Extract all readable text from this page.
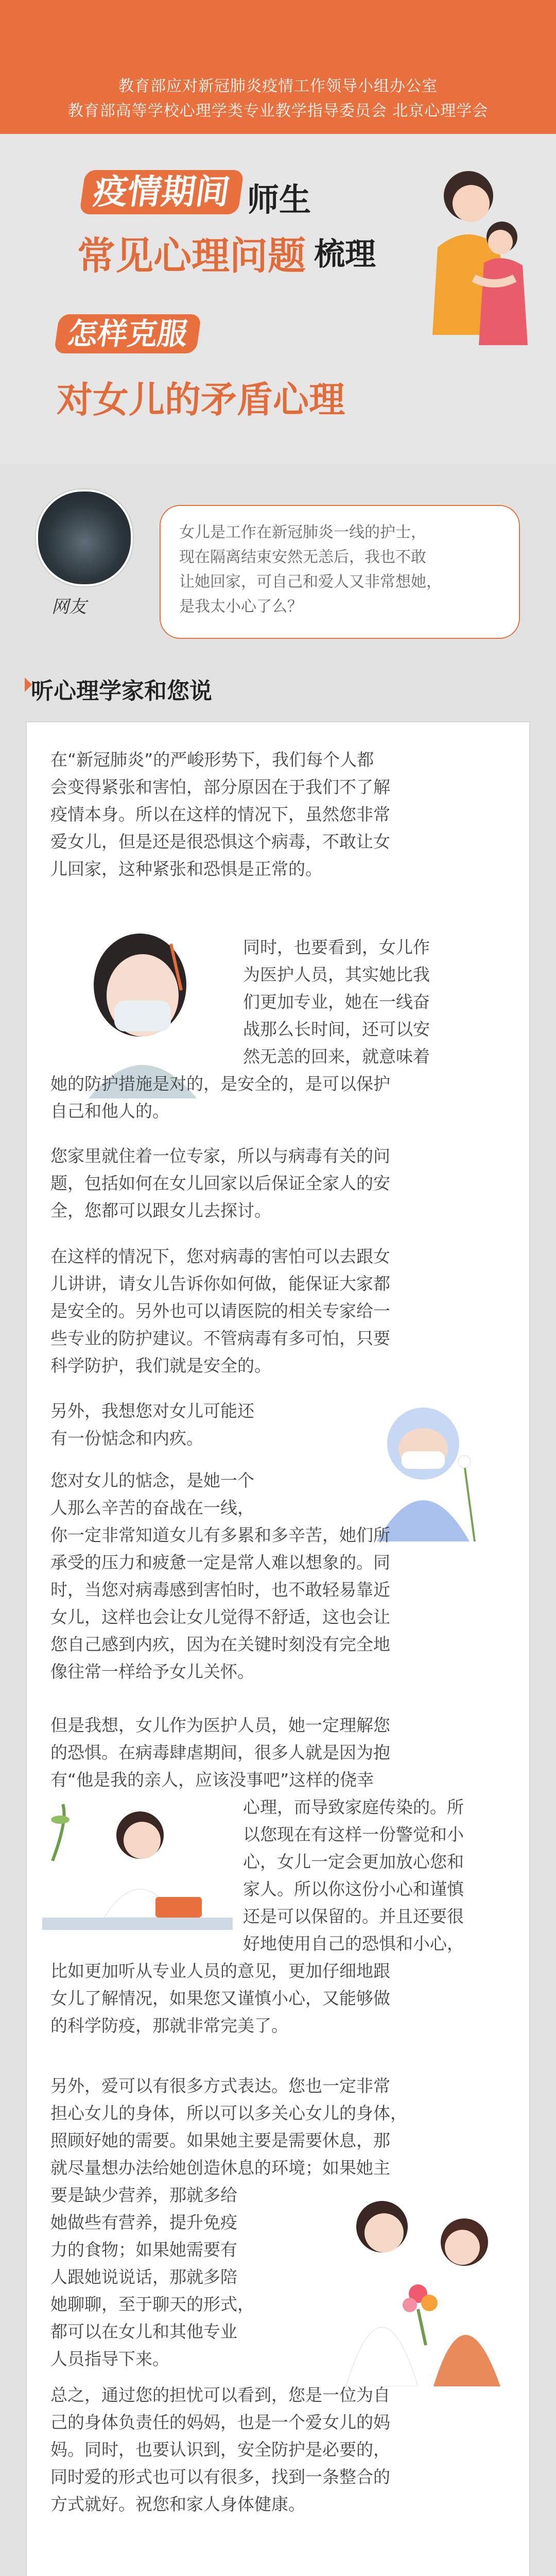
教育部应对新冠肺炎疫情工作领导小组办公室
教育部高等学校心理学类专业教学指导委员会 北京心理学会
疫情期间 师生
常见心理问题 梳理
怎样克服
对女儿的矛盾心理
网友
女儿是工作在新冠肺炎一线的护士，
现在隔离结束安然无恙后，我也不敢
让她回家，可自己和爱人又非常想她，
是我太小心了么？
听心理学家和您说
在“新冠肺炎”的严峻形势下，我们每个人都
会变得紧张和害怕，部分原因在于我们不了解
疫情本身。所以在这样的情况下，虽然您非常
爱女儿，但是还是很恐惧这个病毒，不敢让女
儿回家，这种紧张和恐惧是正常的。
同时，也要看到，女儿作
为医护人员，其实她比我
们更加专业，她在一线奋
战那么长时间，还可以安
然无恙的回来，就意味着
她的防护措施是对的，是安全的，是可以保护
自己和他人的。
您家里就住着一位专家，所以与病毒有关的问
题，包括如何在女儿回家以后保证全家人的安
全，您都可以跟女儿去探讨。
在这样的情况下，您对病毒的害怕可以去跟女
儿讲讲，请女儿告诉你如何做，能保证大家都
是安全的。另外也可以请医院的相关专家给一
些专业的防护建议。不管病毒有多可怕，只要
科学防护，我们就是安全的。
另外，我想您对女儿可能还
有一份惦念和内疚。
您对女儿的惦念，是她一个
人那么辛苦的奋战在一线，
你一定非常知道女儿有多累和多辛苦，她们所
承受的压力和疲惫一定是常人难以想象的。同
时，当您对病毒感到害怕时，也不敢轻易靠近
女儿，这样也会让女儿觉得不舒适，这也会让
您自己感到内疚，因为在关键时刻没有完全地
像往常一样给予女儿关怀。
但是我想，女儿作为医护人员，她一定理解您
的恐惧。在病毒肆虐期间，很多人就是因为抱
有“他是我的亲人，应该没事吧”这样的侥幸
心理，而导致家庭传染的。所
以您现在有这样一份警觉和小
心，女儿一定会更加放心您和
家人。所以你这份小心和谨慎
还是可以保留的。并且还要很
好地使用自己的恐惧和小心，
比如更加听从专业人员的意见，更加仔细地跟
女儿了解情况，如果您又谨慎小心，又能够做
的科学防疫，那就非常完美了。
另外，爱可以有很多方式表达。您也一定非常
担心女儿的身体，所以可以多关心女儿的身体，
照顾好她的需要。如果她主要是需要休息，那
就尽量想办法给她创造休息的环境；如果她主
要是缺少营养，那就多给
她做些有营养，提升免疫
力的食物；如果她需要有
人跟她说说话，那就多陪
她聊聊，至于聊天的形式，
都可以在女儿和其他专业
人员指导下来。
总之，通过您的担忧可以看到，您是一位为自
己的身体负责任的妈妈，也是一个爱女儿的妈
妈。同时，也要认识到，安全防护是必要的，
同时爱的形式也可以有很多，找到一条整合的
方式就好。祝您和家人身体健康。
